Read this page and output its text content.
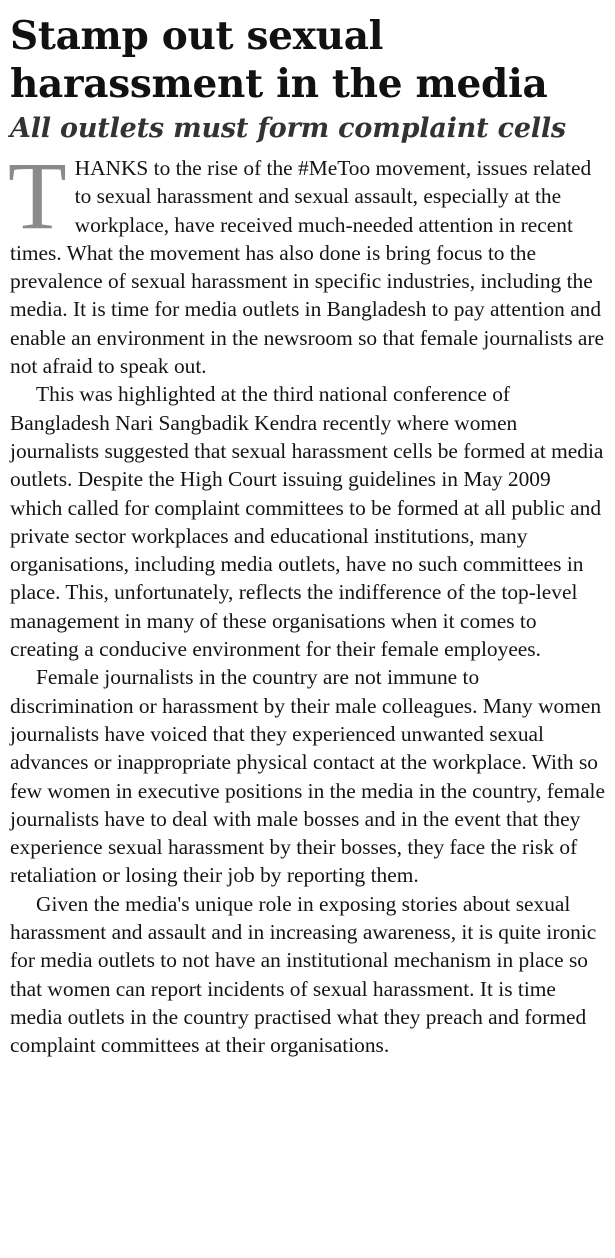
Stamp out sexual
harassment in the media
All outlets must form complaint cells

THANKS to the rise of the #MeToo movement, issues related to sexual harassment and sexual assault, especially at the workplace, have received much-needed attention in recent times. What the movement has also done is bring focus to the prevalence of sexual harassment in specific industries, including the media. It is time for media outlets in Bangladesh to pay attention and enable an environment in the newsroom so that female journalists are not afraid to speak out.

This was highlighted at the third national conference of Bangladesh Nari Sangbadik Kendra recently where women journalists suggested that sexual harassment cells be formed at media outlets. Despite the High Court issuing guidelines in May 2009 which called for complaint committees to be formed at all public and private sector workplaces and educational institutions, many organisations, including media outlets, have no such committees in place. This, unfortunately, reflects the indifference of the top-level management in many of these organisations when it comes to creating a conducive environment for their female employees.

Female journalists in the country are not immune to discrimination or harassment by their male colleagues. Many women journalists have voiced that they experienced unwanted sexual advances or inappropriate physical contact at the workplace. With so few women in executive positions in the media in the country, female journalists have to deal with male bosses and in the event that they experience sexual harassment by their bosses, they face the risk of retaliation or losing their job by reporting them.

Given the media's unique role in exposing stories about sexual harassment and assault and in increasing awareness, it is quite ironic for media outlets to not have an institutional mechanism in place so that women can report incidents of sexual harassment. It is time media outlets in the country practised what they preach and formed complaint committees at their organisations.
